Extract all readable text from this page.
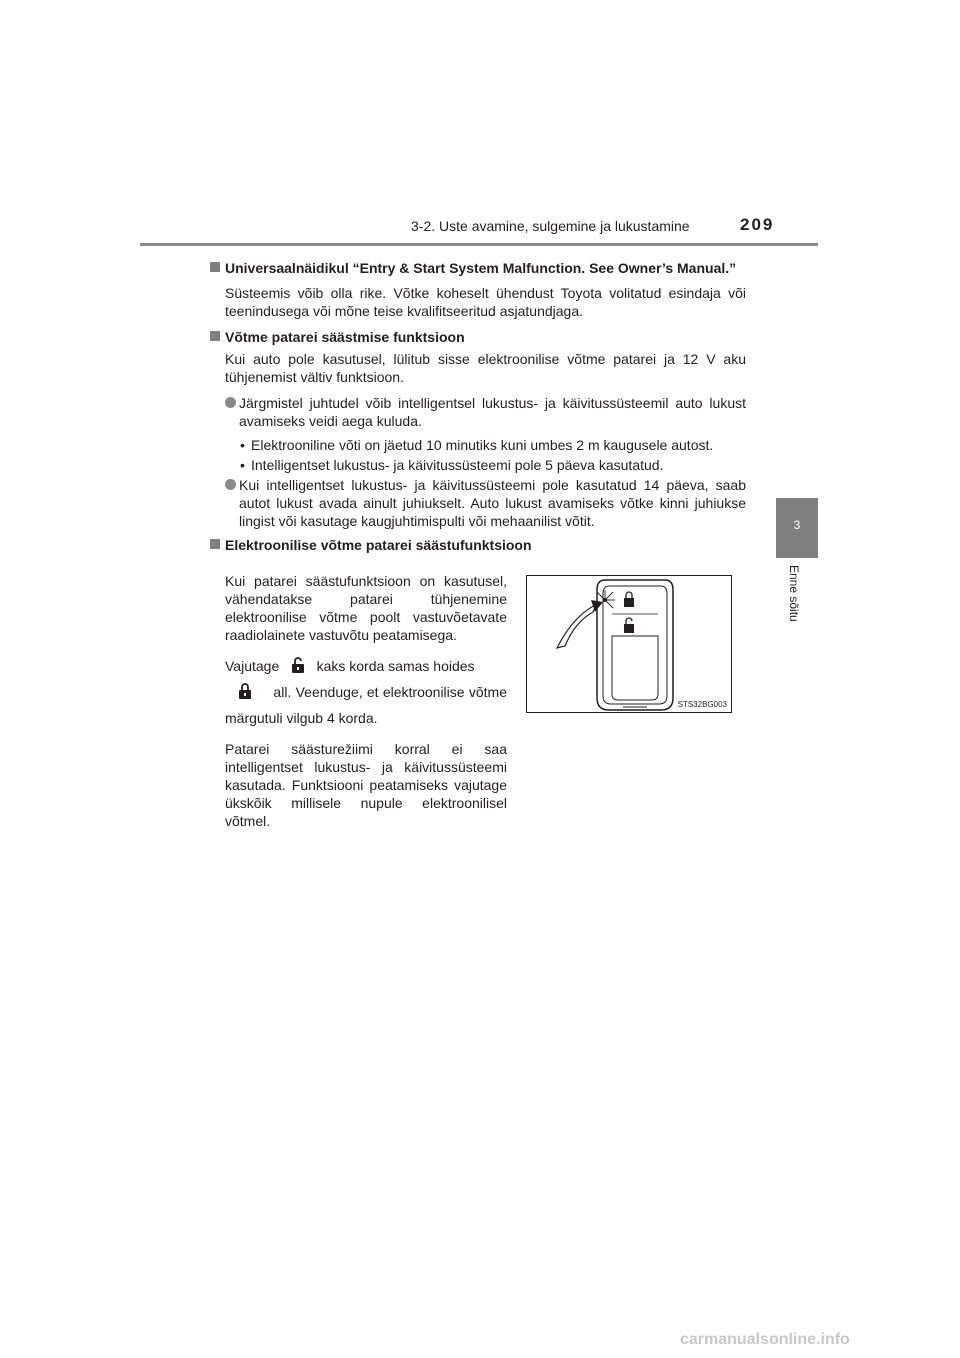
3-2. Uste avamine, sulgemine ja lukustamine	209
3
Enne sõitu
Universaalnäidikul “Entry & Start System Malfunction. See Owner’s Manual.”
Süsteemis võib olla rike. Võtke koheselt ühendust Toyota volitatud esindaja või teenindusega või mõne teise kvalifitseeritud asjatundjaga.
Võtme patarei säästmise funktsioon
Kui auto pole kasutusel, lülitub sisse elektroonilise võtme patarei ja 12 V aku tühjenemist vältiv funktsioon.
Järgmistel juhtudel võib intelligentsel lukustus- ja käivitussüsteemil auto lukust avamiseks veidi aega kuluda.
• Elektrooniline võti on jäetud 10 minutiks kuni umbes 2 m kaugusele autost.
• Intelligentset lukustus- ja käivitussüsteemi pole 5 päeva kasutatud.
Kui intelligentset lukustus- ja käivitussüsteemi pole kasutatud 14 päeva, saab autot lukust avada ainult juhiukselt. Auto lukust avamiseks võtke kinni juhiukse lingist või kasutage kaugjuhtimispulti või mehaanilist võtit.
Elektroonilise võtme patarei säästufunktsioon

Kui patarei säästufunktsioon on kasutusel, vähendatakse patarei tühjenemine elektroonilise võtme poolt vastuvõetavate raadiolainete vastuvõtu peatamisega.

Vajutage	kaks korda samas hoides
all. Veenduge, et elektroonilise võtme märgutuli vilgub 4 korda.

Patarei säästurežiimi korral ei saa intelligentset lukustus- ja käivitussüsteemi kasutada. Funktsiooni peatamiseks vajutage ükskõik millisele nupule elektroonilisel võtmel.

STS32BG003
carmanualsonline.info
